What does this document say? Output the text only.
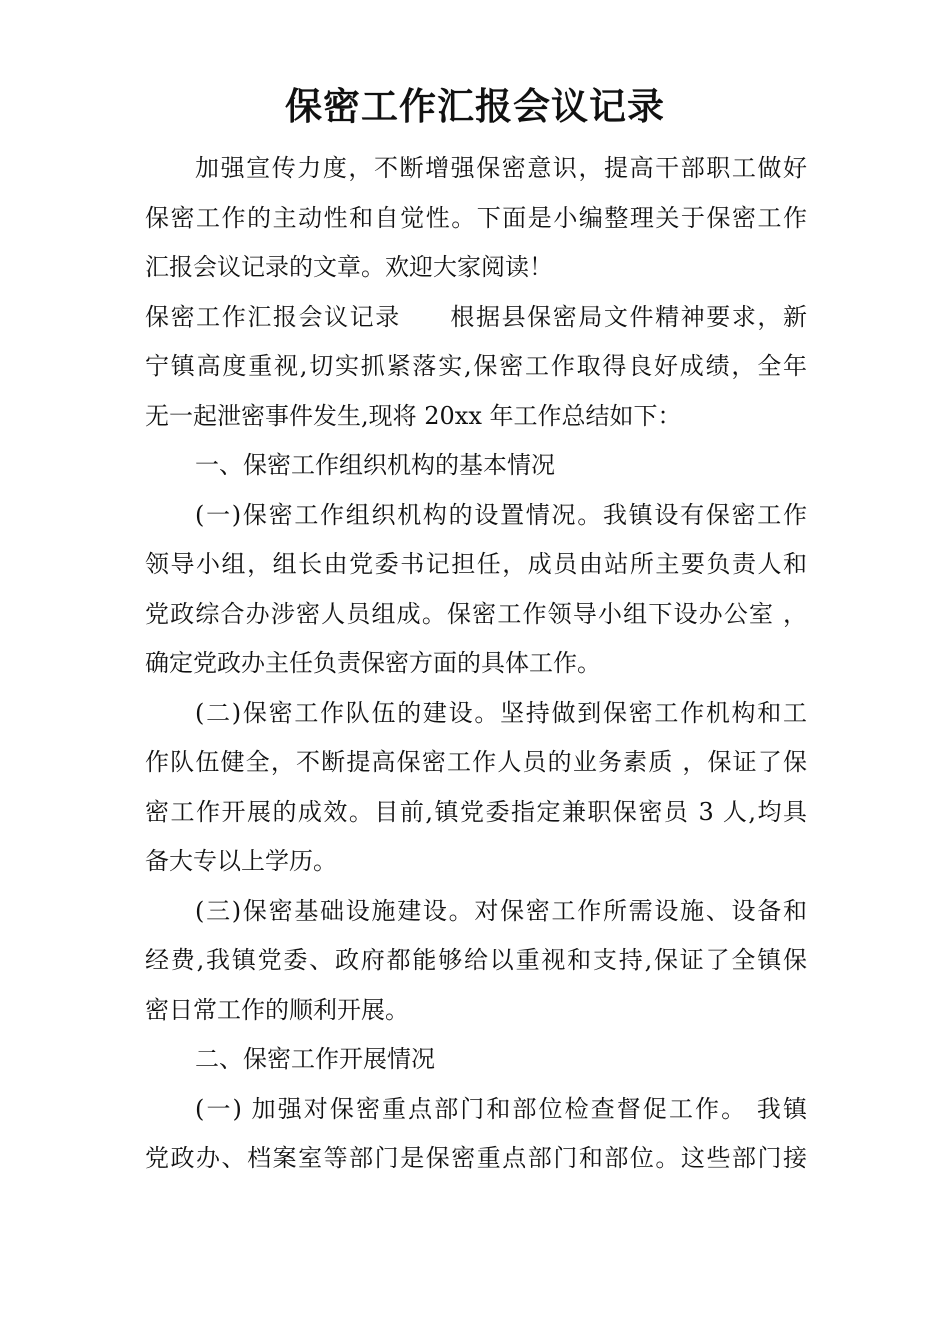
保密工作汇报会议记录
加强宣传力度，不断增强保密意识，提高干部职工做好
保密工作的主动性和自觉性。下面是小编整理关于保密工作
汇报会议记录的文章。欢迎大家阅读！
保密工作汇报会议记录 根据县保密局文件精神要求，新
宁镇高度重视,切实抓紧落实,保密工作取得良好成绩，全年
无一起泄密事件发生,现将 20xx 年工作总结如下：
一、保密工作组织机构的基本情况
(一)保密工作组织机构的设置情况。我镇设有保密工作
领导小组，组长由党委书记担任，成员由站所主要负责人和
党政综合办涉密人员组成。保密工作领导小组下设办公室 ，
确定党政办主任负责保密方面的具体工作。
(二)保密工作队伍的建设。坚持做到保密工作机构和工
作队伍健全，不断提高保密工作人员的业务素质 ，保证了保
密工作开展的成效。目前,镇党委指定兼职保密员 3 人,均具
备大专以上学历。
(三)保密基础设施建设。对保密工作所需设施、设备和
经费,我镇党委、政府都能够给以重视和支持,保证了全镇保
密日常工作的顺利开展。
二、保密工作开展情况
(一) 加强对保密重点部门和部位检查督促工作。 我镇
党政办、档案室等部门是保密重点部门和部位。这些部门接
